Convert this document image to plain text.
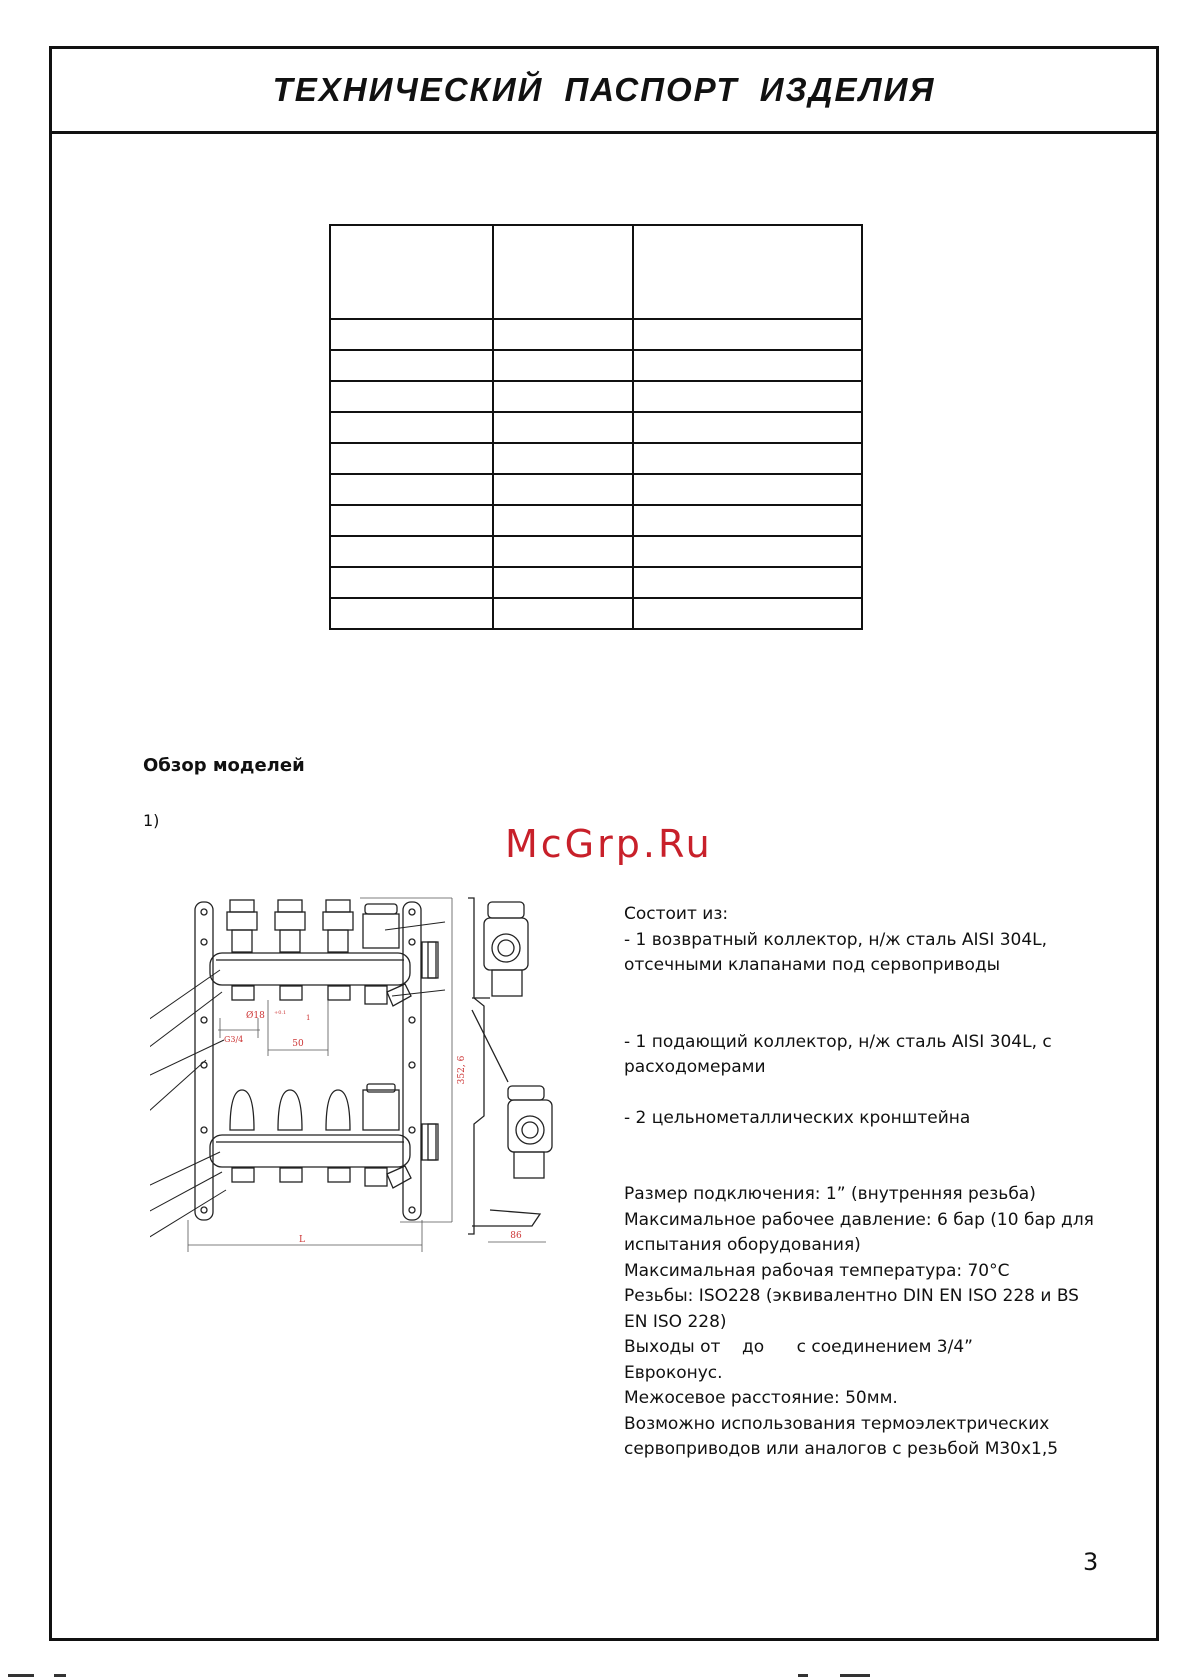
ТЕХНИЧЕСКИЙ ПАСПОРТ ИЗДЕЛИЯ

Обзор моделей
1)
McGrp.Ru
352, 6
L
50
G3/4
Ø18 +0.1
1
86

Состоит из:

- 1 возвратный коллектор, н/ж сталь AISI 304L, отсечными клапанами под сервоприводы

- 1 подающий коллектор, н/ж сталь AISI 304L, с расходомерами

- 2 цельнометаллических кронштейна

Размер подключения: 1” (внутренняя резьба)

Максимальное рабочее давление: 6 бар (10 бар для испытания оборудования)

Максимальная рабочая температура: 70°С

Резьбы: ISO228 (эквивалентно DIN EN ISO 228 и BS EN ISO 228)

Выходы от    до      с соединением 3/4”

Евроконус.

Межосевое расстояние: 50мм.

Возможно использования термоэлектрических сервоприводов или аналогов с резьбой М30х1,5

3
